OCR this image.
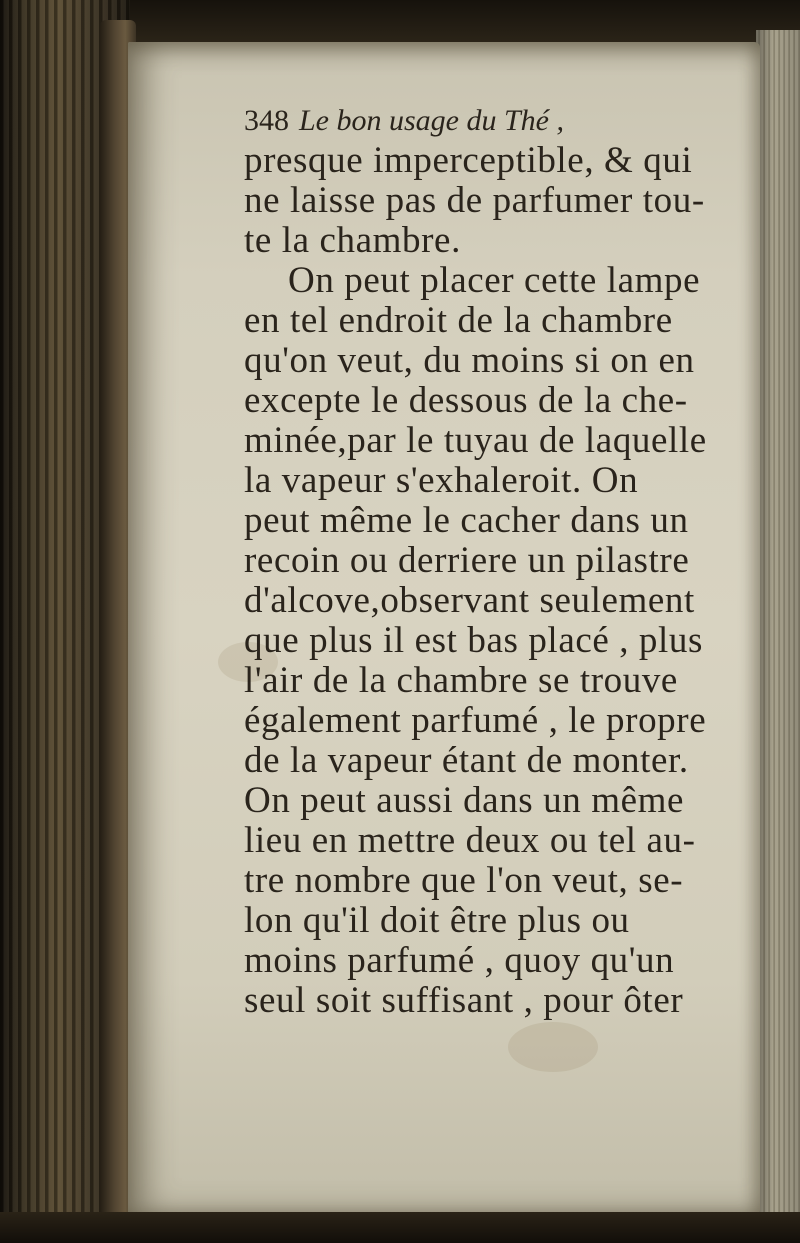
348 Le bon usage du Thé ,
presque imperceptible, & qui
ne laisse pas de parfumer tou-
te la chambre.
On peut placer cette lampe
en tel endroit de la chambre
qu'on veut, du moins si on en
excepte le dessous de la che-
minée,par le tuyau de laquelle
la vapeur s'exhaleroit. On
peut même le cacher dans un
recoin ou derriere un pilastre
d'alcove,observant seulement
que plus il est bas placé , plus
l'air de la chambre se trouve
également parfumé , le propre
de la vapeur étant de monter.
On peut aussi dans un même
lieu en mettre deux ou tel au-
tre nombre que l'on veut, se-
lon qu'il doit être plus ou
moins parfumé , quoy qu'un
seul soit suffisant , pour ôter
